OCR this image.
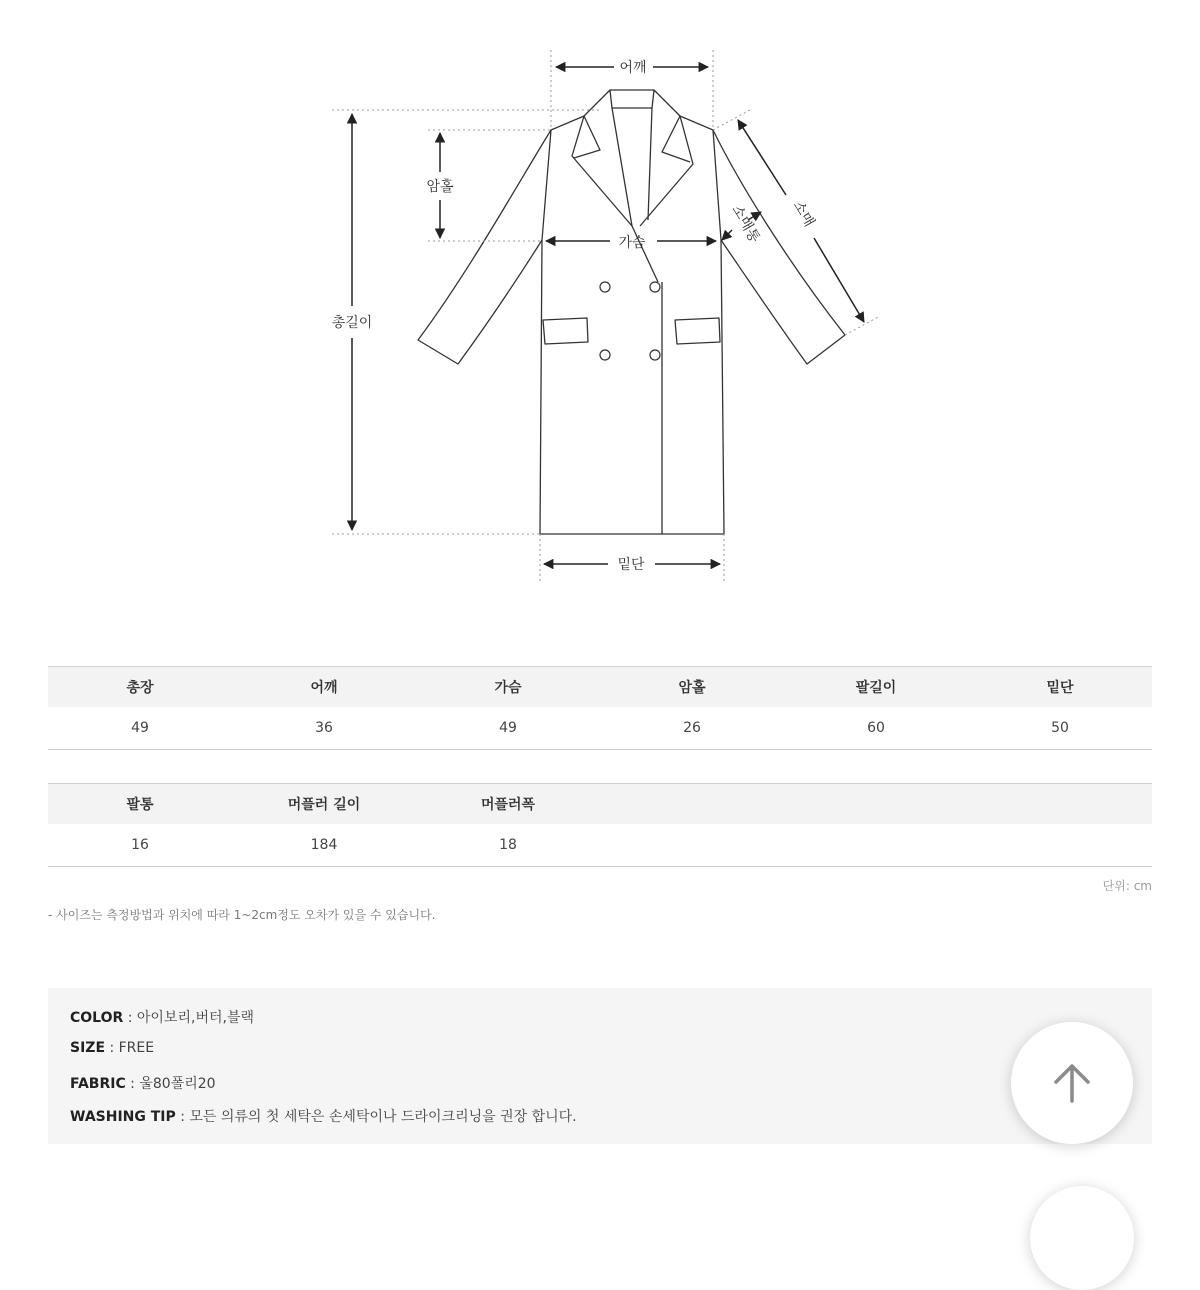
어깨
총길이
암홀
가슴
밑단
소매
소매통
총장	어깨	가슴	암홀	팔길이	밑단
49	36	49	26	60	50
팔통	머플러 길이	머플러폭			
16	184	18			
단위: cm
- 사이즈는 측정방법과 위치에 따라 1~2cm정도 오차가 있을 수 있습니다.
COLOR : 아이보리,버터,블랙
SIZE : FREE
FABRIC : 울80폴리20
WASHING TIP : 모든 의류의 첫 세탁은 손세탁이나 드라이크리닝을 권장 합니다.
